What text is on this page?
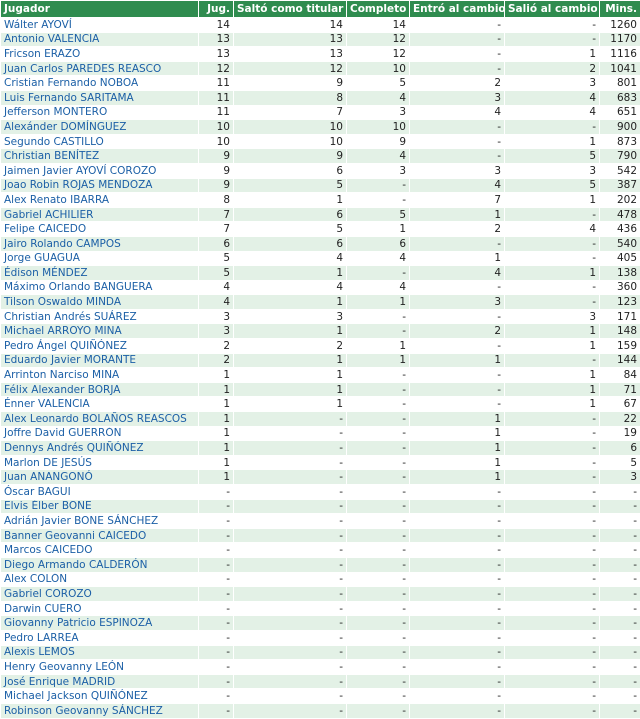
Jugador	Jug.	Saltó como titular	Completo	Entró al cambio	Salió al cambio	Mins.
Wálter AYOVÍ	14	14	14	-	-	1260
Antonio VALENCIA	13	13	12	-	-	1170
Fricson ERAZO	13	13	12	-	1	1116
Juan Carlos PAREDES REASCO	12	12	10	-	2	1041
Cristian Fernando NOBOA	11	9	5	2	3	801
Luis Fernando SARITAMA	11	8	4	3	4	683
Jefferson MONTERO	11	7	3	4	4	651
Alexánder DOMÍNGUEZ	10	10	10	-	-	900
Segundo CASTILLO	10	10	9	-	1	873
Christian BENÍTEZ	9	9	4	-	5	790
Jaimen Javier AYOVÍ COROZO	9	6	3	3	3	542
Joao Robin ROJAS MENDOZA	9	5	-	4	5	387
Alex Renato IBARRA	8	1	-	7	1	202
Gabriel ACHILIER	7	6	5	1	-	478
Felipe CAICEDO	7	5	1	2	4	436
Jairo Rolando CAMPOS	6	6	6	-	-	540
Jorge GUAGUA	5	4	4	1	-	405
Édison MÉNDEZ	5	1	-	4	1	138
Máximo Orlando BANGUERA	4	4	4	-	-	360
Tilson Oswaldo MINDA	4	1	1	3	-	123
Christian Andrés SUÁREZ	3	3	-	-	3	171
Michael ARROYO MINA	3	1	-	2	1	148
Pedro Ángel QUIÑÓNEZ	2	2	1	-	1	159
Eduardo Javier MORANTE	2	1	1	1	-	144
Arrinton Narciso MINA	1	1	-	-	1	84
Félix Alexander BORJA	1	1	-	-	1	71
Énner VALENCIA	1	1	-	-	1	67
Alex Leonardo BOLAÑOS REASCOS	1	-	-	1	-	22
Joffre David GUERRÓN	1	-	-	1	-	19
Dennys Andrés QUIÑÓNEZ	1	-	-	1	-	6
Marlon DE JESÚS	1	-	-	1	-	5
Juan ANANGONÓ	1	-	-	1	-	3
Óscar BAGUI	-	-	-	-	-	-
Elvis Élber BONE	-	-	-	-	-	-
Adrián Javier BONE SÁNCHEZ	-	-	-	-	-	-
Banner Geovanni CAICEDO	-	-	-	-	-	-
Marcos CAICEDO	-	-	-	-	-	-
Diego Armando CALDERÓN	-	-	-	-	-	-
Alex COLÓN	-	-	-	-	-	-
Gabriel COROZO	-	-	-	-	-	-
Darwin CUERO	-	-	-	-	-	-
Giovanny Patricio ESPINOZA	-	-	-	-	-	-
Pedro LARREA	-	-	-	-	-	-
Alexis LEMOS	-	-	-	-	-	-
Henry Geovanny LEÓN	-	-	-	-	-	-
José Enrique MADRID	-	-	-	-	-	-
Michael Jackson QUIÑÓNEZ	-	-	-	-	-	-
Robinson Geovanny SÁNCHEZ	-	-	-	-	-	-
